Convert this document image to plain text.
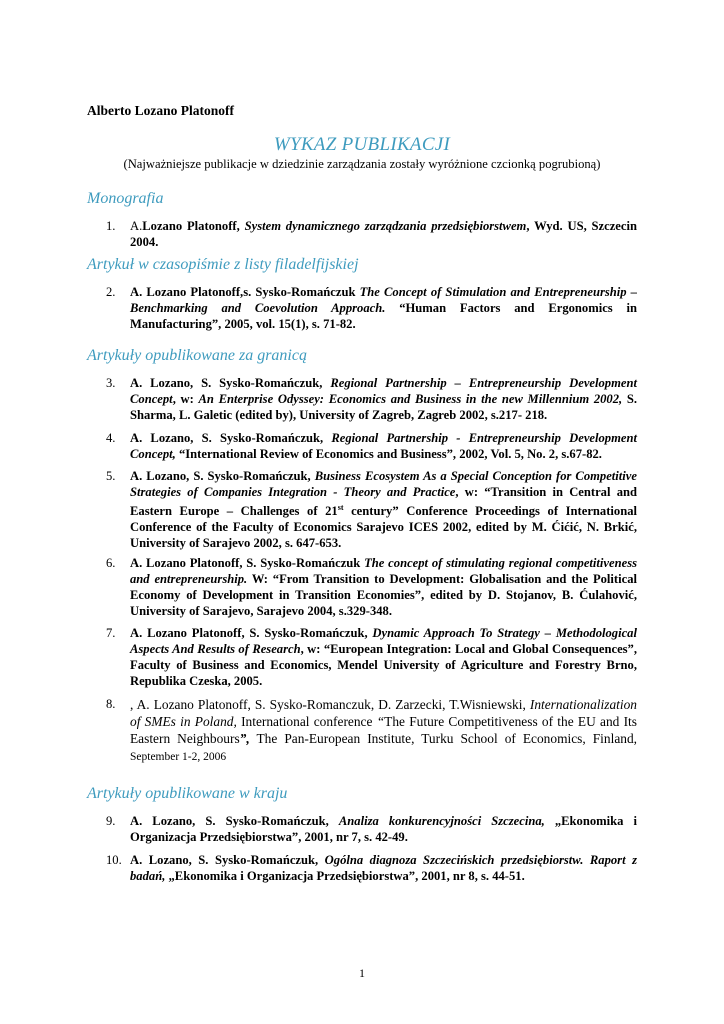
Alberto Lozano Platonoff
WYKAZ PUBLIKACJI
(Najważniejsze publikacje w dziedzinie zarządzania zostały wyróżnione czcionką pogrubioną)
Monografia
1.	A.Lozano Platonoff, System dynamicznego zarządzania przedsiębiorstwem, Wyd. US, Szczecin 2004.
Artykuł w czasopiśmie z listy filadelfijskiej
2.	A. Lozano Platonoff,s. Sysko-Romańczuk The Concept of Stimulation and Entrepreneurship – Benchmarking and Coevolution Approach. “Human Factors and Ergonomics in Manufacturing”, 2005, vol. 15(1), s. 71-82.
Artykuły opublikowane za granicą
3.	A. Lozano, S. Sysko-Romańczuk, Regional Partnership – Entrepreneurship Development Concept, w: An Enterprise Odyssey: Economics and Business in the new Millennium 2002, S. Sharma, L. Galetic (edited by), University of Zagreb, Zagreb 2002, s.217- 218.
4.	A. Lozano, S. Sysko-Romańczuk, Regional Partnership - Entrepreneurship Development Concept, “International Review of Economics and Business”, 2002, Vol. 5, No. 2, s.67-82.
5.	A. Lozano, S. Sysko-Romańczuk, Business Ecosystem As a Special Conception for Competitive Strategies of Companies Integration - Theory and Practice, w: “Transition in Central and Eastern Europe – Challenges of 21st century” Conference Proceedings of International Conference of the Faculty of Economics Sarajevo ICES 2002, edited by M. Ćićić, N. Brkić, University of Sarajevo 2002, s. 647-653.
6.	A. Lozano Platonoff, S. Sysko-Romańczuk The concept of stimulating regional competitiveness and entrepreneurship. W: “From Transition to Development: Globalisation and the Political Economy of Development in Transition Economies”, edited by D. Stojanov, B. Ćulahović, University of Sarajevo, Sarajevo 2004, s.329-348.
7.	A. Lozano Platonoff, S. Sysko-Romańczuk, Dynamic Approach To Strategy – Methodological Aspects And Results of Research, w: “European Integration: Local and Global Consequences”, Faculty of Business and Economics, Mendel University of Agriculture and Forestry Brno, Republika Czeska, 2005.
8.	, A. Lozano Platonoff, S. Sysko-Romanczuk, D. Zarzecki, T.Wisniewski, Internationalization of SMEs in Poland, International conference “The Future Competitiveness of the EU and Its Eastern Neighbours”, The Pan-European Institute, Turku School of Economics, Finland, September 1-2, 2006
Artykuły opublikowane w kraju
9.	A. Lozano, S. Sysko-Romańczuk, Analiza konkurencyjności Szczecina, „Ekonomika i Organizacja Przedsiębiorstwa”, 2001, nr 7, s. 42-49.
10. A. Lozano, S. Sysko-Romańczuk, Ogólna diagnoza Szczecińskich przedsiębiorstw. Raport z badań, „Ekonomika i Organizacja Przedsiębiorstwa”, 2001, nr 8, s. 44-51.
1
